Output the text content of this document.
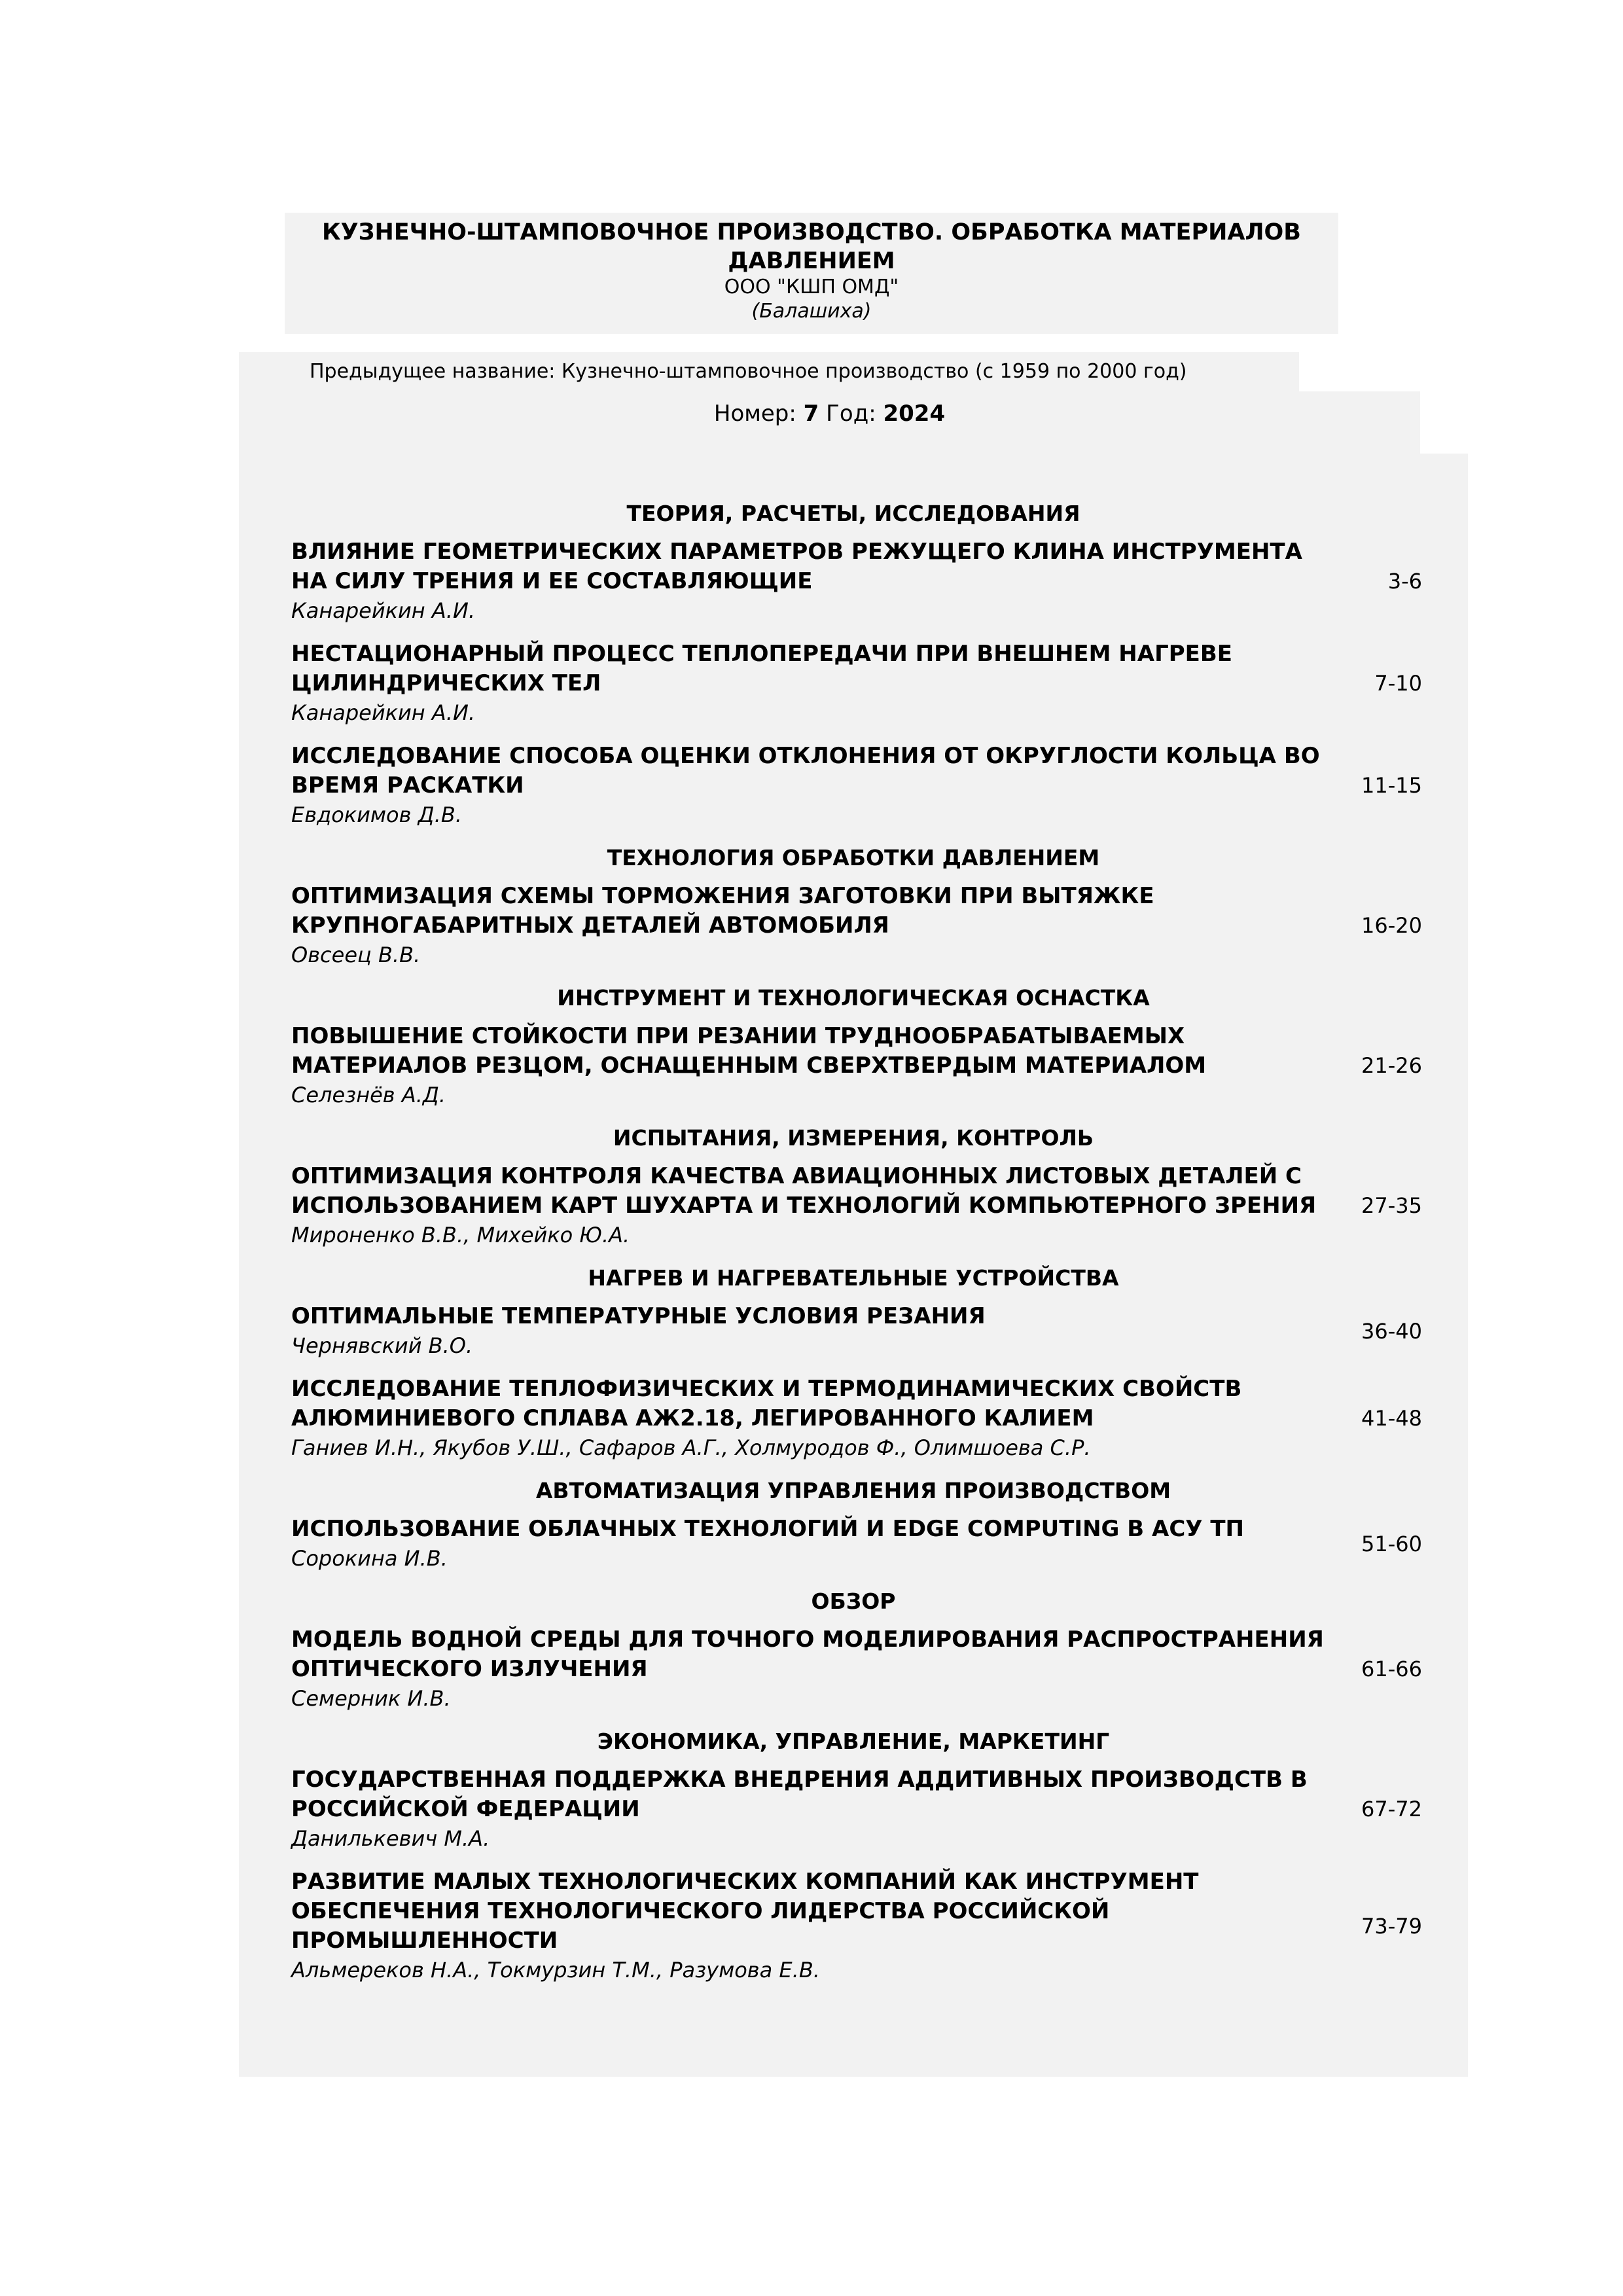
КУЗНЕЧНО-ШТАМПОВОЧНОЕ ПРОИЗВОДСТВО. ОБРАБОТКА МАТЕРИАЛОВ ДАВЛЕНИЕМ
ООО "КШП ОМД"
(Балашиха)
Предыдущее название: Кузнечно-штамповочное производство (с 1959 по 2000 год)
Номер: 7 Год: 2024
ТЕОРИЯ, РАСЧЕТЫ, ИССЛЕДОВАНИЯ
ВЛИЯНИЕ ГЕОМЕТРИЧЕСКИХ ПАРАМЕТРОВ РЕЖУЩЕГО КЛИНА ИНСТРУМЕНТА НА СИЛУ ТРЕНИЯ И ЕЕ СОСТАВЛЯЮЩИЕ
Канарейкин А.И.
3-6
НЕСТАЦИОНАРНЫЙ ПРОЦЕСС ТЕПЛОПЕРЕДАЧИ ПРИ ВНЕШНЕМ НАГРЕВЕ ЦИЛИНДРИЧЕСКИХ ТЕЛ
Канарейкин А.И.
7-10
ИССЛЕДОВАНИЕ СПОСОБА ОЦЕНКИ ОТКЛОНЕНИЯ ОТ ОКРУГЛОСТИ КОЛЬЦА ВО ВРЕМЯ РАСКАТКИ
Евдокимов Д.В.
11-15
ТЕХНОЛОГИЯ ОБРАБОТКИ ДАВЛЕНИЕМ
ОПТИМИЗАЦИЯ СХЕМЫ ТОРМОЖЕНИЯ ЗАГОТОВКИ ПРИ ВЫТЯЖКЕ КРУПНОГАБАРИТНЫХ ДЕТАЛЕЙ АВТОМОБИЛЯ
Овсеец В.В.
16-20
ИНСТРУМЕНТ И ТЕХНОЛОГИЧЕСКАЯ ОСНАСТКА
ПОВЫШЕНИЕ СТОЙКОСТИ ПРИ РЕЗАНИИ ТРУДНООБРАБАТЫВАЕМЫХ МАТЕРИАЛОВ РЕЗЦОМ, ОСНАЩЕННЫМ СВЕРХТВЕРДЫМ МАТЕРИАЛОМ
Селезнёв А.Д.
21-26
ИСПЫТАНИЯ, ИЗМЕРЕНИЯ, КОНТРОЛЬ
ОПТИМИЗАЦИЯ КОНТРОЛЯ КАЧЕСТВА АВИАЦИОННЫХ ЛИСТОВЫХ ДЕТАЛЕЙ С ИСПОЛЬЗОВАНИЕМ КАРТ ШУХАРТА И ТЕХНОЛОГИЙ КОМПЬЮТЕРНОГО ЗРЕНИЯ
Мироненко В.В., Михейко Ю.А.
27-35
НАГРЕВ И НАГРЕВАТЕЛЬНЫЕ УСТРОЙСТВА
ОПТИМАЛЬНЫЕ ТЕМПЕРАТУРНЫЕ УСЛОВИЯ РЕЗАНИЯ
Чернявский В.О.
36-40
ИССЛЕДОВАНИЕ ТЕПЛОФИЗИЧЕСКИХ И ТЕРМОДИНАМИЧЕСКИХ СВОЙСТВ АЛЮМИНИЕВОГО СПЛАВА АЖ2.18, ЛЕГИРОВАННОГО КАЛИЕМ
Ганиев И.Н., Якубов У.Ш., Сафаров А.Г., Холмуродов Ф., Олимшоева С.Р.
41-48
АВТОМАТИЗАЦИЯ УПРАВЛЕНИЯ ПРОИЗВОДСТВОМ
ИСПОЛЬЗОВАНИЕ ОБЛАЧНЫХ ТЕХНОЛОГИЙ И EDGE COMPUTING В АСУ ТП
Сорокина И.В.
51-60
ОБЗОР
МОДЕЛЬ ВОДНОЙ СРЕДЫ ДЛЯ ТОЧНОГО МОДЕЛИРОВАНИЯ РАСПРОСТРАНЕНИЯ ОПТИЧЕСКОГО ИЗЛУЧЕНИЯ
Семерник И.В.
61-66
ЭКОНОМИКА, УПРАВЛЕНИЕ, МАРКЕТИНГ
ГОСУДАРСТВЕННАЯ ПОДДЕРЖКА ВНЕДРЕНИЯ АДДИТИВНЫХ ПРОИЗВОДСТВ В РОССИЙСКОЙ ФЕДЕРАЦИИ
Данилькевич М.А.
67-72
РАЗВИТИЕ МАЛЫХ ТЕХНОЛОГИЧЕСКИХ КОМПАНИЙ КАК ИНСТРУМЕНТ ОБЕСПЕЧЕНИЯ ТЕХНОЛОГИЧЕСКОГО ЛИДЕРСТВА РОССИЙСКОЙ ПРОМЫШЛЕННОСТИ
Альмереков Н.А., Токмурзин Т.М., Разумова Е.В.
73-79
